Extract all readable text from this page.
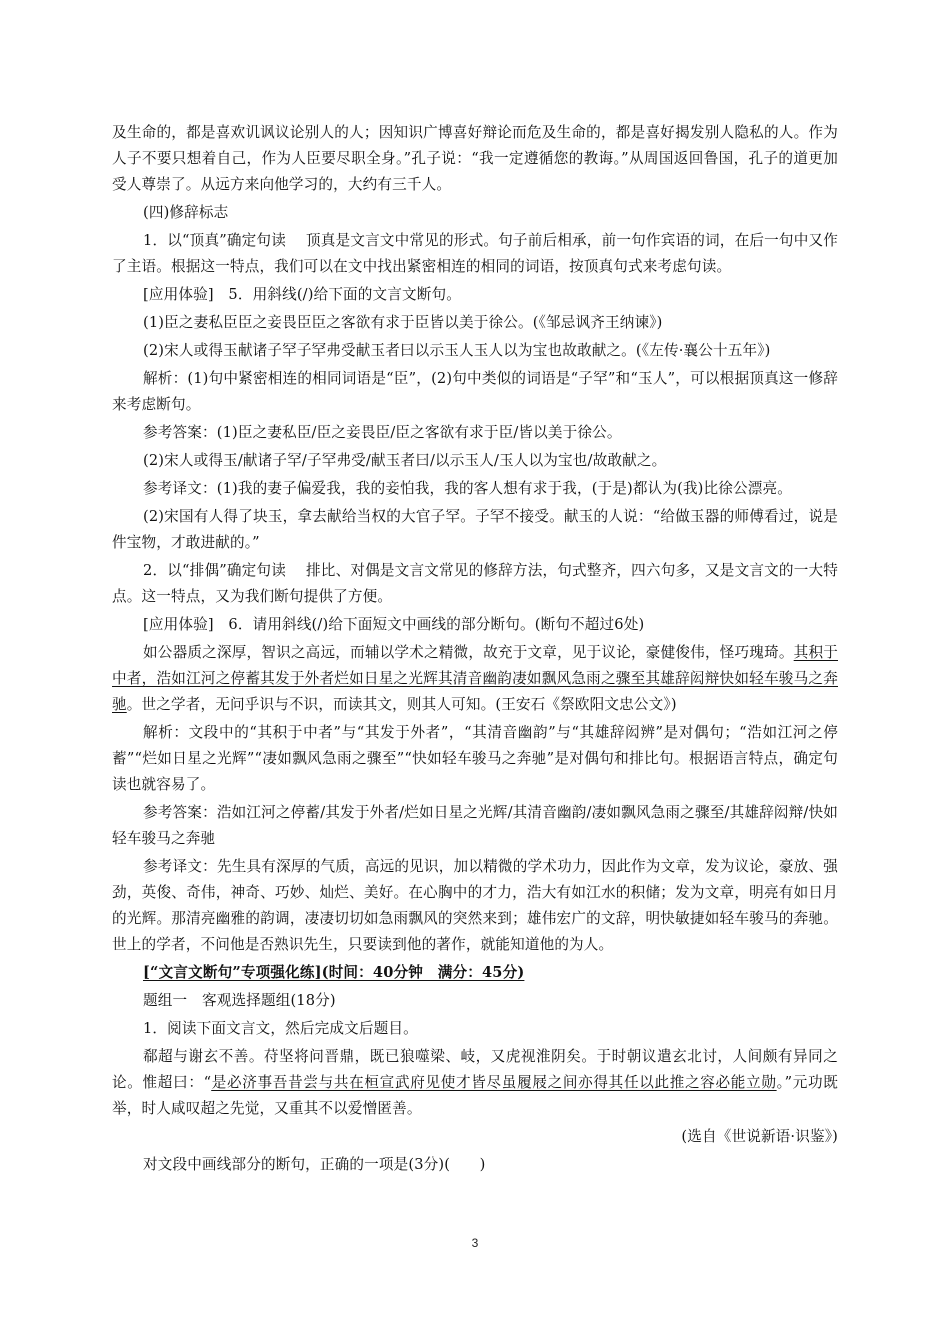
及生命的，都是喜欢讥讽议论别人的人；因知识广博喜好辩论而危及生命的，都是喜好揭发别人隐私的人。作为人子不要只想着自己，作为人臣要尽职全身。”孔子说：“我一定遵循您的教诲。”从周国返回鲁国，孔子的道更加受人尊崇了。从远方来向他学习的，大约有三千人。

(四)修辞标志

1．以“顶真”确定句读 顶真是文言文中常见的形式。句子前后相承，前一句作宾语的词，在后一句中又作了主语。根据这一特点，我们可以在文中找出紧密相连的相同的词语，按顶真句式来考虑句读。

[应用体验]　5．用斜线(/)给下面的文言文断句。

(1)臣之妻私臣臣之妾畏臣臣之客欲有求于臣皆以美于徐公。(《邹忌讽齐王纳谏》)

(2)宋人或得玉献诸子罕子罕弗受献玉者曰以示玉人玉人以为宝也故敢献之。(《左传·襄公十五年》)

解析：(1)句中紧密相连的相同词语是“臣”，(2)句中类似的词语是“子罕”和“玉人”，可以根据顶真这一修辞来考虑断句。

参考答案：(1)臣之妻私臣/臣之妾畏臣/臣之客欲有求于臣/皆以美于徐公。

(2)宋人或得玉/献诸子罕/子罕弗受/献玉者曰/以示玉人/玉人以为宝也/故敢献之。

参考译文：(1)我的妻子偏爱我，我的妾怕我，我的客人想有求于我，(于是)都认为(我)比徐公漂亮。

(2)宋国有人得了块玉，拿去献给当权的大官子罕。子罕不接受。献玉的人说：“给做玉器的师傅看过，说是件宝物，才敢进献的。”

2．以“排偶”确定句读 排比、对偶是文言文常见的修辞方法，句式整齐，四六句多，又是文言文的一大特点。这一特点，又为我们断句提供了方便。

[应用体验]　6．请用斜线(/)给下面短文中画线的部分断句。(断句不超过6处)

如公器质之深厚，智识之高远，而辅以学术之精微，故充于文章，见于议论，豪健俊伟，怪巧瑰琦。其积于中者，浩如江河之停蓄其发于外者烂如日星之光辉其清音幽韵凄如飘风急雨之骤至其雄辞闳辩快如轻车骏马之奔驰。世之学者，无问乎识与不识，而读其文，则其人可知。(王安石《祭欧阳文忠公文》)

解析：文段中的“其积于中者”与“其发于外者”，“其清音幽韵”与“其雄辞闳辨”是对偶句；“浩如江河之停蓄”“烂如日星之光辉”“凄如飘风急雨之骤至”“快如轻车骏马之奔驰”是对偶句和排比句。根据语言特点，确定句读也就容易了。

参考答案：浩如江河之停蓄/其发于外者/烂如日星之光辉/其清音幽韵/凄如飘风急雨之骤至/其雄辞闳辩/快如轻车骏马之奔驰

参考译文：先生具有深厚的气质，高远的见识，加以精微的学术功力，因此作为文章，发为议论，豪放、强劲，英俊、奇伟，神奇、巧妙、灿烂、美好。在心胸中的才力，浩大有如江水的积储；发为文章，明亮有如日月的光辉。那清亮幽雅的韵调，凄凄切切如急雨飘风的突然来到；雄伟宏广的文辞，明快敏捷如轻车骏马的奔驰。世上的学者，不问他是否熟识先生，只要读到他的著作，就能知道他的为人。

[“文言文断句”专项强化练](时间：40分钟　满分：45分)

题组一　客观选择题组(18分)

1．阅读下面文言文，然后完成文后题目。

郗超与谢玄不善。苻坚将问晋鼎，既已狼噬梁、岐，又虎视淮阴矣。于时朝议遣玄北讨，人间颇有异同之论。惟超曰：“是必济事吾昔尝与共在桓宣武府见使才皆尽虽履屐之间亦得其任以此推之容必能立勋。”元功既举，时人咸叹超之先觉，又重其不以爱憎匿善。

(选自《世说新语·识鉴》)

对文段中画线部分的断句，正确的一项是(3分)(　　)

3
